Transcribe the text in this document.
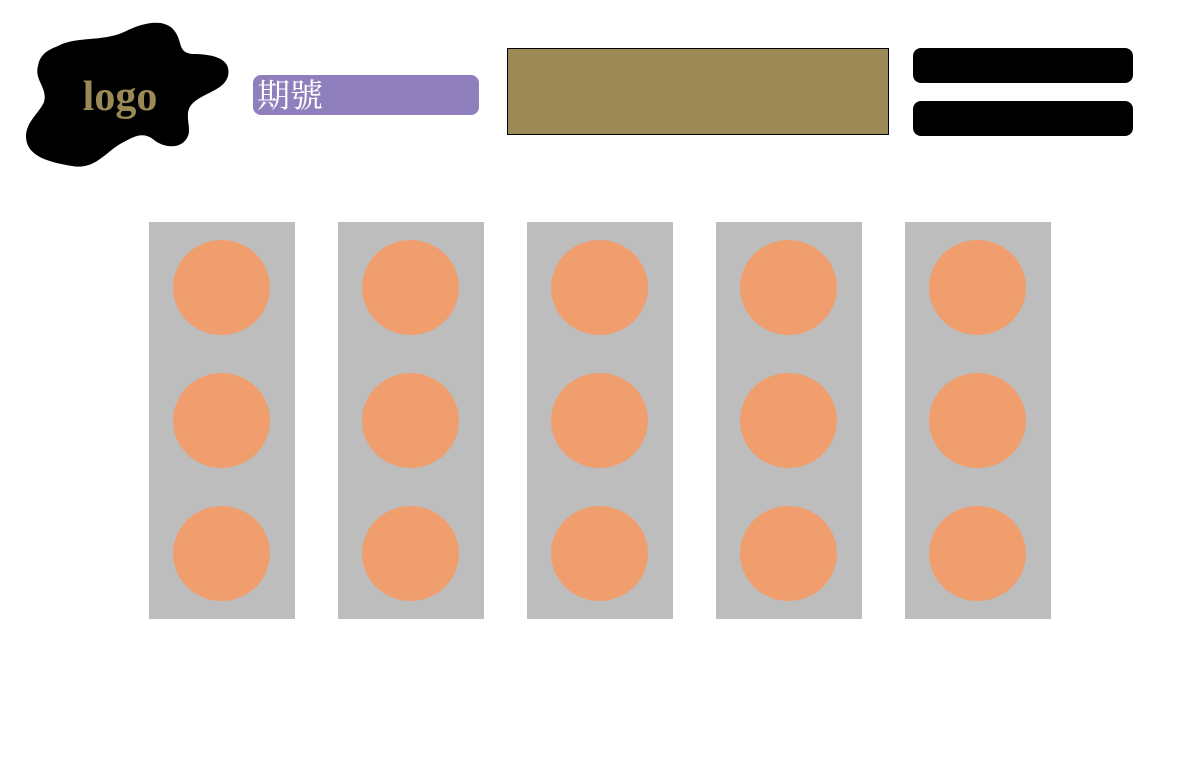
logo	期號
